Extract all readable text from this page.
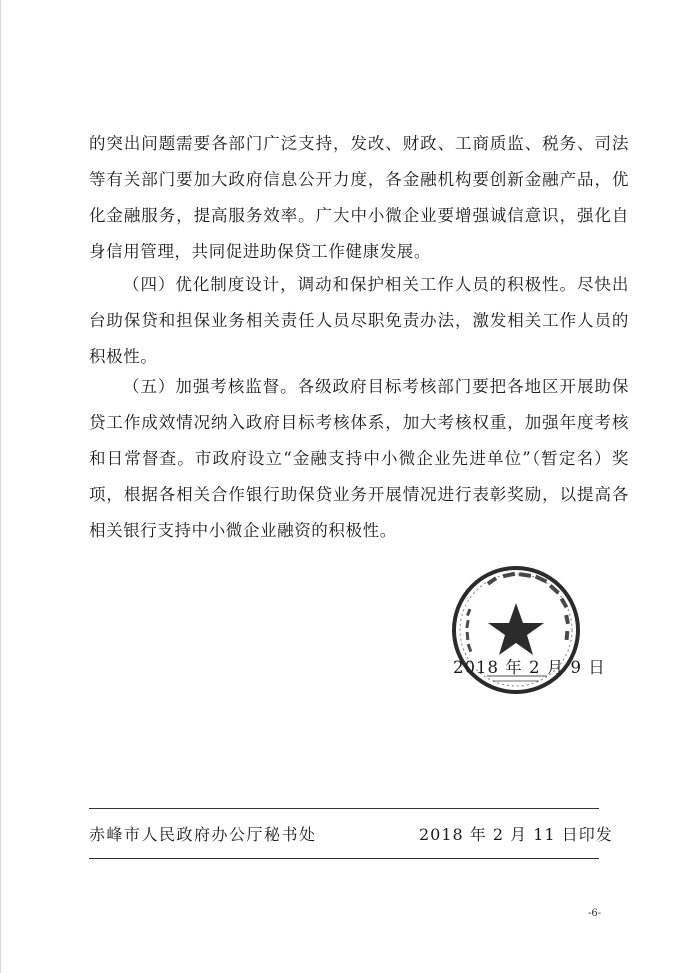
的突出问题需要各部门广泛支持，发改、财政、工商质监、税务、司法等有关部门要加大政府信息公开力度，各金融机构要创新金融产品，优化金融服务，提高服务效率。广大中小微企业要增强诚信意识，强化自身信用管理，共同促进助保贷工作健康发展。

（四）优化制度设计，调动和保护相关工作人员的积极性。尽快出台助保贷和担保业务相关责任人员尽职免责办法，激发相关工作人员的积极性。

（五）加强考核监督。各级政府目标考核部门要把各地区开展助保贷工作成效情况纳入政府目标考核体系，加大考核权重，加强年度考核和日常督查。市政府设立“金融支持中小微企业先进单位”（暂定名）奖项，根据各相关合作银行助保贷业务开展情况进行表彰奖励，以提高各相关银行支持中小微企业融资的积极性。

2018 年 2 月 9 日
赤峰市人民政府办公厅秘书处	2018 年 2 月 11 日印发
-6-
